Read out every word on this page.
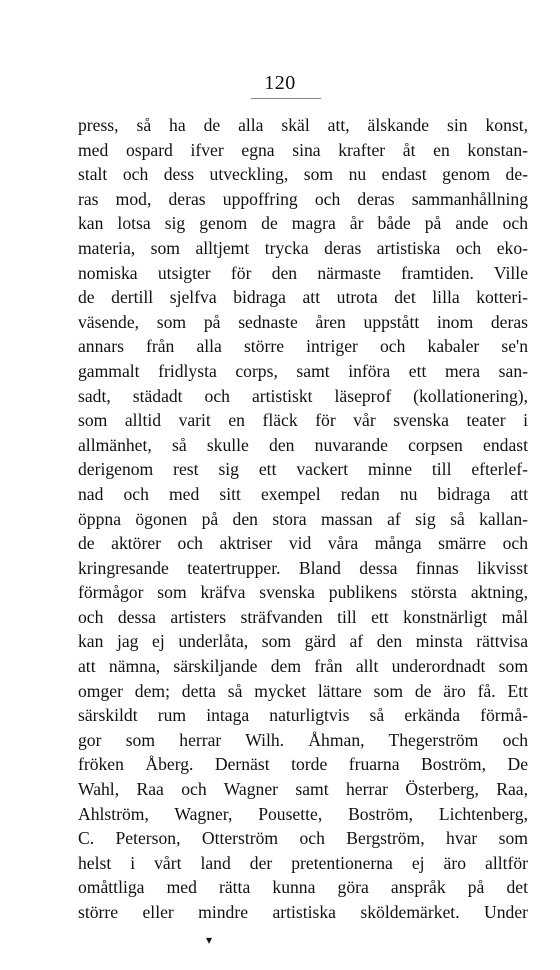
120
press, så ha de alla skäl att, älskande sin konst,
med ospard ifver egna sina krafter åt en konstan-
stalt och dess utveckling, som nu endast genom de-
ras mod, deras uppoffring och deras sammanhållning
kan lotsa sig genom de magra år både på ande och
materia, som alltjemt trycka deras artistiska och eko-
nomiska utsigter för den närmaste framtiden. Ville
de dertill sjelfva bidraga att utrota det lilla kotteri-
väsende, som på sednaste åren uppstått inom deras
annars från alla större intriger och kabaler se'n
gammalt fridlysta corps, samt införa ett mera san-
sadt, städadt och artistiskt läseprof (kollationering),
som alltid varit en fläck för vår svenska teater i
allmänhet, så skulle den nuvarande corpsen endast
derigenom rest sig ett vackert minne till efterlef-
nad och med sitt exempel redan nu bidraga att
öppna ögonen på den stora massan af sig så kallan-
de aktörer och aktriser vid våra många smärre och
kringresande teatertrupper. Bland dessa finnas likvisst
förmågor som kräfva svenska publikens största aktning,
och dessa artisters sträfvanden till ett konstnärligt mål
kan jag ej underlåta, som gärd af den minsta rättvisa
att nämna, särskiljande dem från allt underordnadt som
omger dem; detta så mycket lättare som de äro få. Ett
särskildt rum intaga naturligtvis så erkända förmå-
gor som herrar Wilh. Åhman, Thegerström och
fröken Åberg. Dernäst torde fruarna Boström, De
Wahl, Raa och Wagner samt herrar Österberg, Raa,
Ahlström, Wagner, Pousette, Boström, Lichtenberg,
C. Peterson, Otterström och Bergström, hvar som
helst i vårt land der pretentionerna ej äro alltför
omåttliga med rätta kunna göra anspråk på det
större eller mindre artistiska sköldemärket. Under
▾
